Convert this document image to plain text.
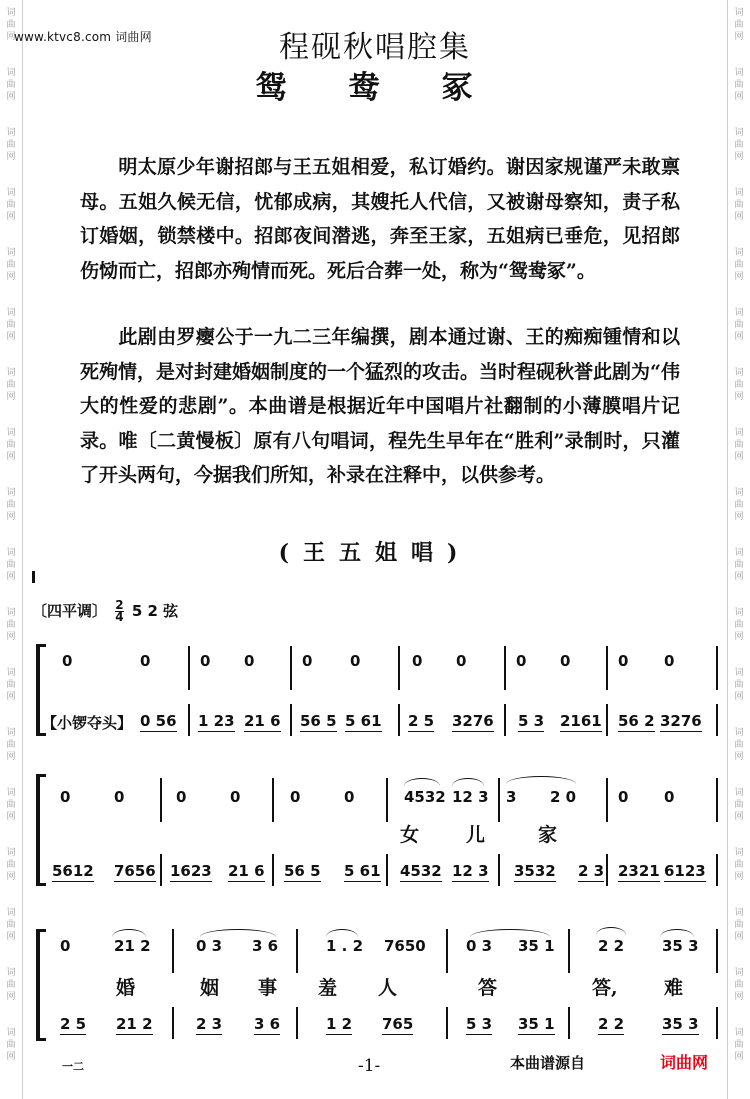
词
曲
网
词
曲
网
词
曲
网
词
曲
网
词
曲
网
词
曲
网
词
曲
网
词
曲
网
词
曲
网
词
曲
网
词
曲
网
词
曲
网
词
曲
网
词
曲
网
词
曲
网
词
曲
网
词
曲
网
词
曲
网
词
曲
网
词
曲
网
词
曲
网
词
曲
网
词
曲
网
词
曲
网
词
曲
网
词
曲
网
词
曲
网
词
曲
网
词
曲
网
词
曲
网
词
曲
网
词
曲
网
词
曲
网
词
曲
网
词
曲
网
词
曲
网
www.ktvc8.com 词曲网	程砚秋唱腔集
鸳鸯冢
明太原少年谢招郎与王五姐相爱，私订婚约。谢因家规谨严未敢禀母。五姐久候无信，忧郁成病，其嫂托人代信，又被谢母察知，责子私订婚姻，锁禁楼中。招郎夜间潜逃，奔至王家，五姐病已垂危，见招郎伤恸而亡，招郎亦殉情而死。死后合葬一处，称为“鸳鸯冢”。
此剧由罗瘿公于一九二三年编撰，剧本通过谢、王的痴痴锺情和以死殉情，是对封建婚姻制度的一个猛烈的攻击。当时程砚秋誉此剧为“伟大的性爱的悲剧”。本曲谱是根据近年中国唱片社翻制的小薄膜唱片记录。唯〔二黄慢板〕原有八句唱词，程先生早年在“胜利”录制时，只灌了开头两句，今据我们所知，补录在注释中，以供参考。
(王五姐唱)
〔四平调〕 $\frac{2}{4} 5$ 2 弦
【小锣夺头】
0	0	0 0	0	0	0 0	0 0	0 0
0 56 1 23 21 6 56 5 5 61 2 5 3276 5 3 2161 56 2 3276
0	0	0	0	0	0	4532 12 3 3 2 0	0 0
女 儿	家
5612 7656 1623 21 6 56 5 5 61 4532 12 3 3532 2 3 2321 6123
0	21 2	0 3 3 6	1 . 2 7650	0 3 35 1	2 2	35 3
婚	姻 事 羞 人	答	答, 难
2 5 21 2	2 3 3 6	1 2 765	5 3 35 1	2 2	35 3
一二	-1-	本曲谱源自	词曲网
